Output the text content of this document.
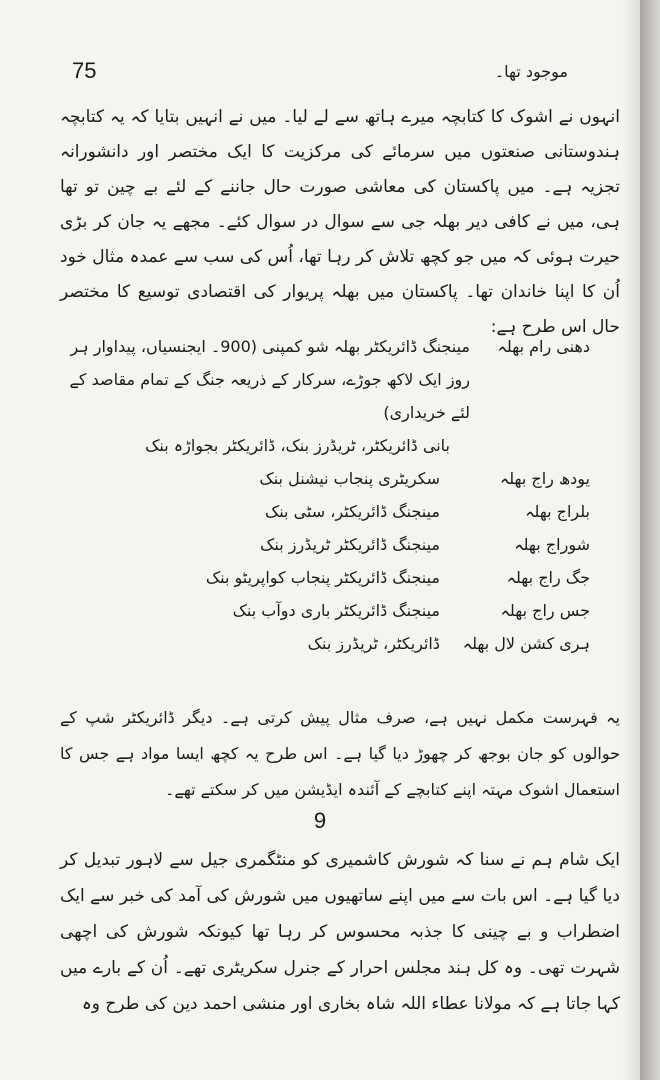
75	موجود تھا۔
انہوں نے اشوک کا کتابچہ میرے ہاتھ سے لے لیا۔ میں نے انہیں بتایا کہ یہ کتابچہ ہندوستانی صنعتوں میں سرمائے کی مرکزیت کا ایک مختصر اور دانشورانہ تجزیہ ہے۔ میں پاکستان کی معاشی صورت حال جاننے کے لئے بے چین تو تھا ہی، میں نے کافی دیر بھلہ جی سے سوال در سوال کئے۔ مجھے یہ جان کر بڑی حیرت ہوئی کہ میں جو کچھ تلاش کر رہا تھا، اُس کی سب سے عمدہ مثال خود اُن کا اپنا خاندان تھا۔ پاکستان میں بھلہ پریوار کی اقتصادی توسیع کا مختصر حال اس طرح ہے:
دھنی رام بھلہ
مینجنگ ڈائریکٹر بھلہ شو کمپنی (900۔ ایجنسیاں، پیداوار ہر روز ایک لاکھ جوڑے، سرکار کے ذریعہ جنگ کے تمام مقاصد کے لئے خریداری)
بانی ڈائریکٹر، ٹریڈرز بنک، ڈائریکٹر بجواڑہ بنک
یودھ راج بھلہ
سکریٹری پنجاب نیشنل بنک
بلراج بھلہ
مینجنگ ڈائریکٹر، سٹی بنک
شوراج بھلہ
مینجنگ ڈائریکٹر ٹریڈرز بنک
جگ راج بھلہ
مینجنگ ڈائریکٹر پنجاب کواپریٹو بنک
جس راج بھلہ
مینجنگ ڈائریکٹر باری دوآب بنک
ہری کشن لال بھلہ
ڈائریکٹر، ٹریڈرز بنک
یہ فہرست مکمل نہیں ہے، صرف مثال پیش کرتی ہے۔ دیگر ڈائریکٹر شپ کے حوالوں کو جان بوجھ کر چھوڑ دیا گیا ہے۔ اس طرح یہ کچھ ایسا مواد ہے جس کا استعمال اشوک مہتہ اپنے کتابچے کے آئندہ ایڈیشن میں کر سکتے تھے۔
9
ایک شام ہم نے سنا کہ شورش کاشمیری کو منٹگمری جیل سے لاہور تبدیل کر دیا گیا ہے۔ اس بات سے میں اپنے ساتھیوں میں شورش کی آمد کی خبر سے ایک اضطراب و بے چینی کا جذبہ محسوس کر رہا تھا کیونکہ شورش کی اچھی شہرت تھی۔ وہ کل ہند مجلس احرار کے جنرل سکریٹری تھے۔ اُن کے بارے میں کہا جاتا ہے کہ مولانا عطاء اللہ شاہ بخاری اور منشی احمد دین کی طرح وہ
